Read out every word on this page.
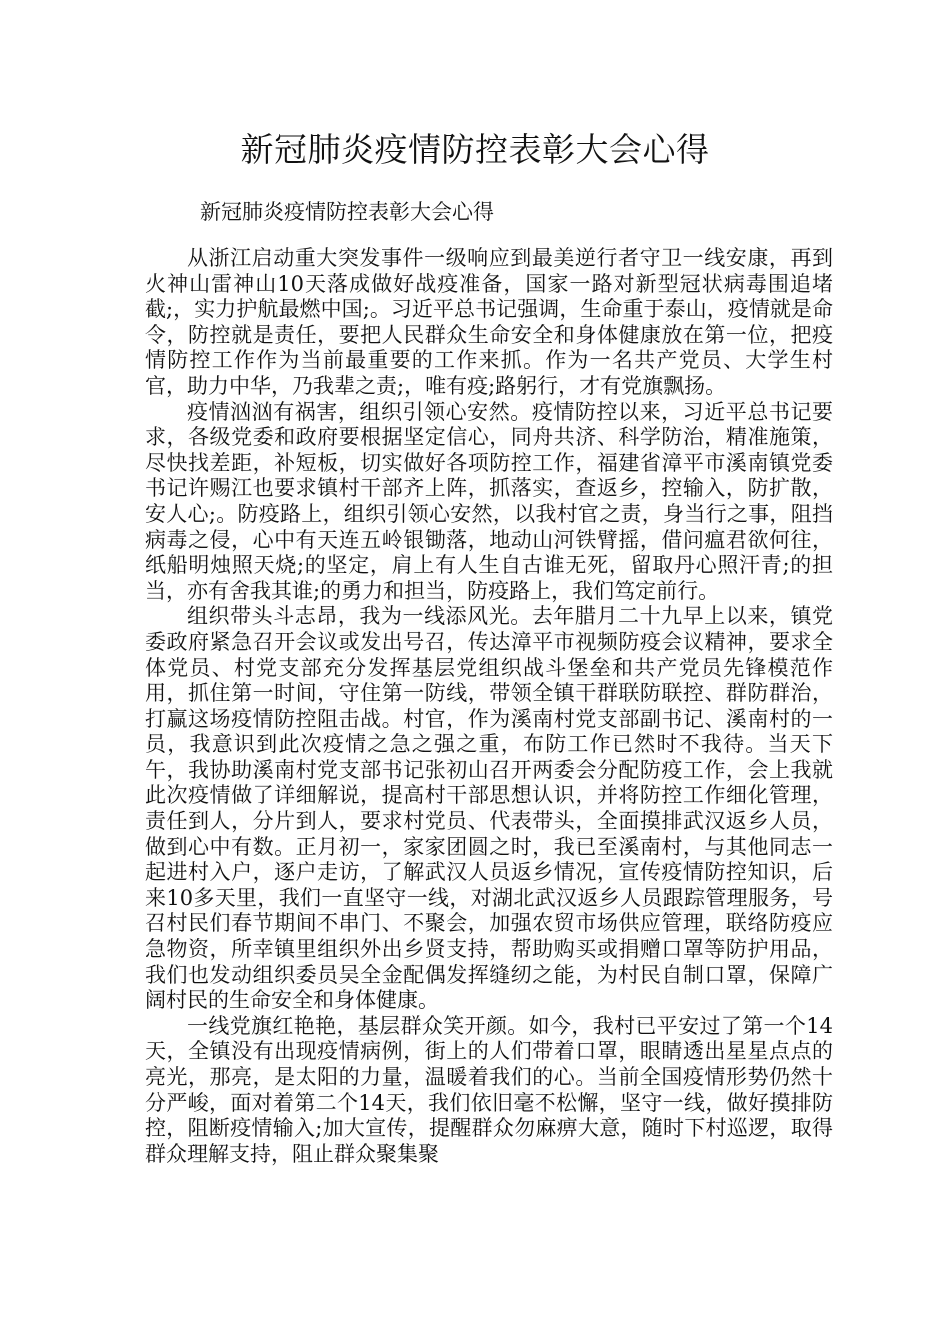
新冠肺炎疫情防控表彰大会心得

新冠肺炎疫情防控表彰大会心得

从浙江启动重大突发事件一级响应到最美逆行者守卫一线安康，再到火神山雷神山10天落成做好战疫准备，国家一路对新型冠状病毒围追堵截;，实力护航最燃中国;。习近平总书记强调，生命重于泰山，疫情就是命令，防控就是责任，要把人民群众生命安全和身体健康放在第一位，把疫情防控工作作为当前最重要的工作来抓。作为一名共产党员、大学生村官，助力中华，乃我辈之责;，唯有疫;路躬行，才有党旗飘扬。

疫情汹汹有祸害，组织引领心安然。疫情防控以来，习近平总书记要求，各级党委和政府要根据坚定信心，同舟共济、科学防治，精准施策，尽快找差距，补短板，切实做好各项防控工作，福建省漳平市溪南镇党委书记许赐江也要求镇村干部齐上阵，抓落实，查返乡，控输入，防扩散，安人心;。防疫路上，组织引领心安然，以我村官之责，身当行之事，阻挡病毒之侵，心中有天连五岭银锄落，地动山河铁臂摇，借问瘟君欲何往，纸船明烛照天烧;的坚定，肩上有人生自古谁无死，留取丹心照汗青;的担当，亦有舍我其谁;的勇力和担当，防疫路上，我们笃定前行。

组织带头斗志昂，我为一线添风光。去年腊月二十九早上以来，镇党委政府紧急召开会议或发出号召，传达漳平市视频防疫会议精神，要求全体党员、村党支部充分发挥基层党组织战斗堡垒和共产党员先锋模范作用，抓住第一时间，守住第一防线，带领全镇干群联防联控、群防群治，打赢这场疫情防控阻击战。村官，作为溪南村党支部副书记、溪南村的一员，我意识到此次疫情之急之强之重，布防工作已然时不我待。当天下午，我协助溪南村党支部书记张初山召开两委会分配防疫工作，会上我就此次疫情做了详细解说，提高村干部思想认识，并将防控工作细化管理，责任到人，分片到人，要求村党员、代表带头，全面摸排武汉返乡人员，做到心中有数。正月初一，家家团圆之时，我已至溪南村，与其他同志一起进村入户，逐户走访，了解武汉人员返乡情况，宣传疫情防控知识，后来10多天里，我们一直坚守一线，对湖北武汉返乡人员跟踪管理服务，号召村民们春节期间不串门、不聚会，加强农贸市场供应管理，联络防疫应急物资，所幸镇里组织外出乡贤支持，帮助购买或捐赠口罩等防护用品，我们也发动组织委员吴全金配偶发挥缝纫之能，为村民自制口罩，保障广阔村民的生命安全和身体健康。

一线党旗红艳艳，基层群众笑开颜。如今，我村已平安过了第一个14天，全镇没有出现疫情病例，街上的人们带着口罩，眼睛透出星星点点的亮光，那亮，是太阳的力量，温暖着我们的心。当前全国疫情形势仍然十分严峻，面对着第二个14天，我们依旧毫不松懈，坚守一线，做好摸排防控，阻断疫情输入;加大宣传，提醒群众勿麻痹大意，随时下村巡逻，取得群众理解支持，阻止群众聚集聚
